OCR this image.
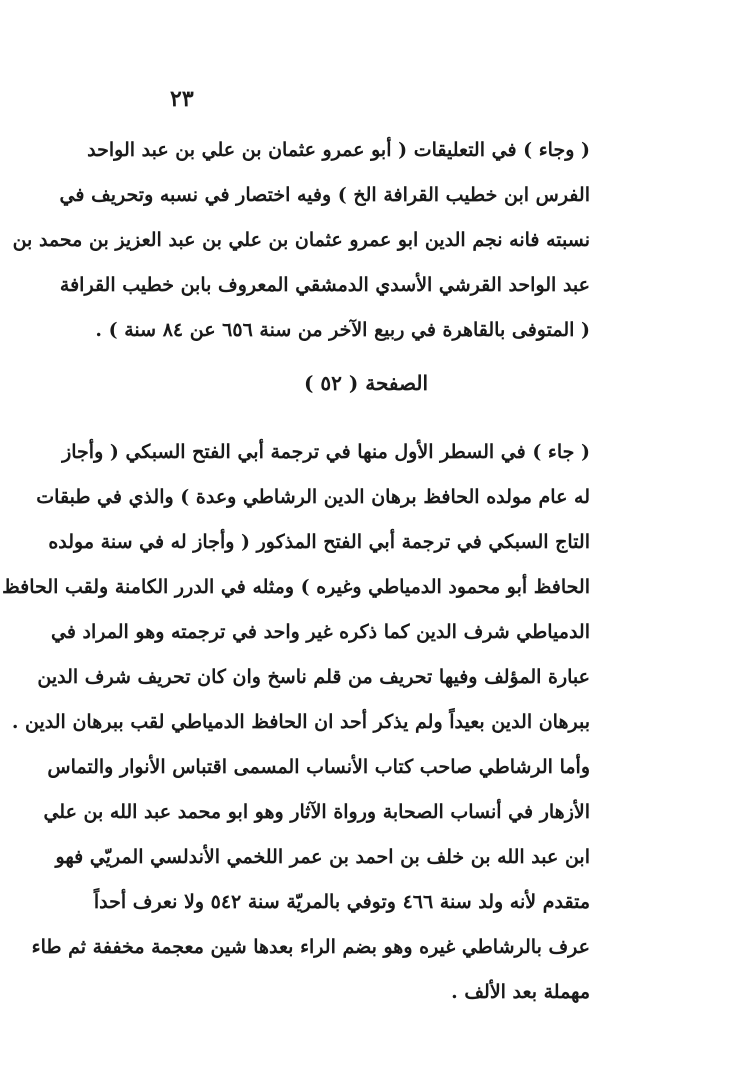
٢٣
( وجاء ) في التعليقات ( أبو عمرو عثمان بن علي بن عبد الواحد
الفرس ابن خطيب القرافة الخ ) وفيه اختصار في نسبه وتحريف في
نسبته فانه نجم الدين ابو عمرو عثمان بن علي بن عبد العزيز بن محمد بن
عبد الواحد القرشي الأسدي الدمشقي المعروف بابن خطيب القرافة
( المتوفى بالقاهرة في ربيع الآخر من سنة ٦٥٦ عن ٨٤ سنة ) .
الصفحة ( ٥٢ )
( جاء ) في السطر الأول منها في ترجمة أبي الفتح السبكي ( وأجاز
له عام مولده الحافظ برهان الدين الرشاطي وعدة ) والذي في طبقات
التاج السبكي في ترجمة أبي الفتح المذكور ( وأجاز له في سنة مولده
الحافظ أبو محمود الدمياطي وغيره ) ومثله في الدرر الكامنة ولقب الحافظ
الدمياطي شرف الدين كما ذكره غير واحد في ترجمته وهو المراد في
عبارة المؤلف وفيها تحريف من قلم ناسخ وان كان تحريف شرف الدين
ببرهان الدين بعيداً ولم يذكر أحد ان الحافظ الدمياطي لقب ببرهان الدين .
وأما الرشاطي صاحب كتاب الأنساب المسمى اقتباس الأنوار والتماس
الأزهار في أنساب الصحابة ورواة الآثار وهو ابو محمد عبد الله بن علي
ابن عبد الله بن خلف بن احمد بن عمر اللخمي الأندلسي المريّي فهو
متقدم لأنه ولد سنة ٤٦٦ وتوفي بالمريّة سنة ٥٤٢ ولا نعرف أحداً
عرف بالرشاطي غيره وهو بضم الراء بعدها شين معجمة مخففة ثم طاء
مهملة بعد الألف .
